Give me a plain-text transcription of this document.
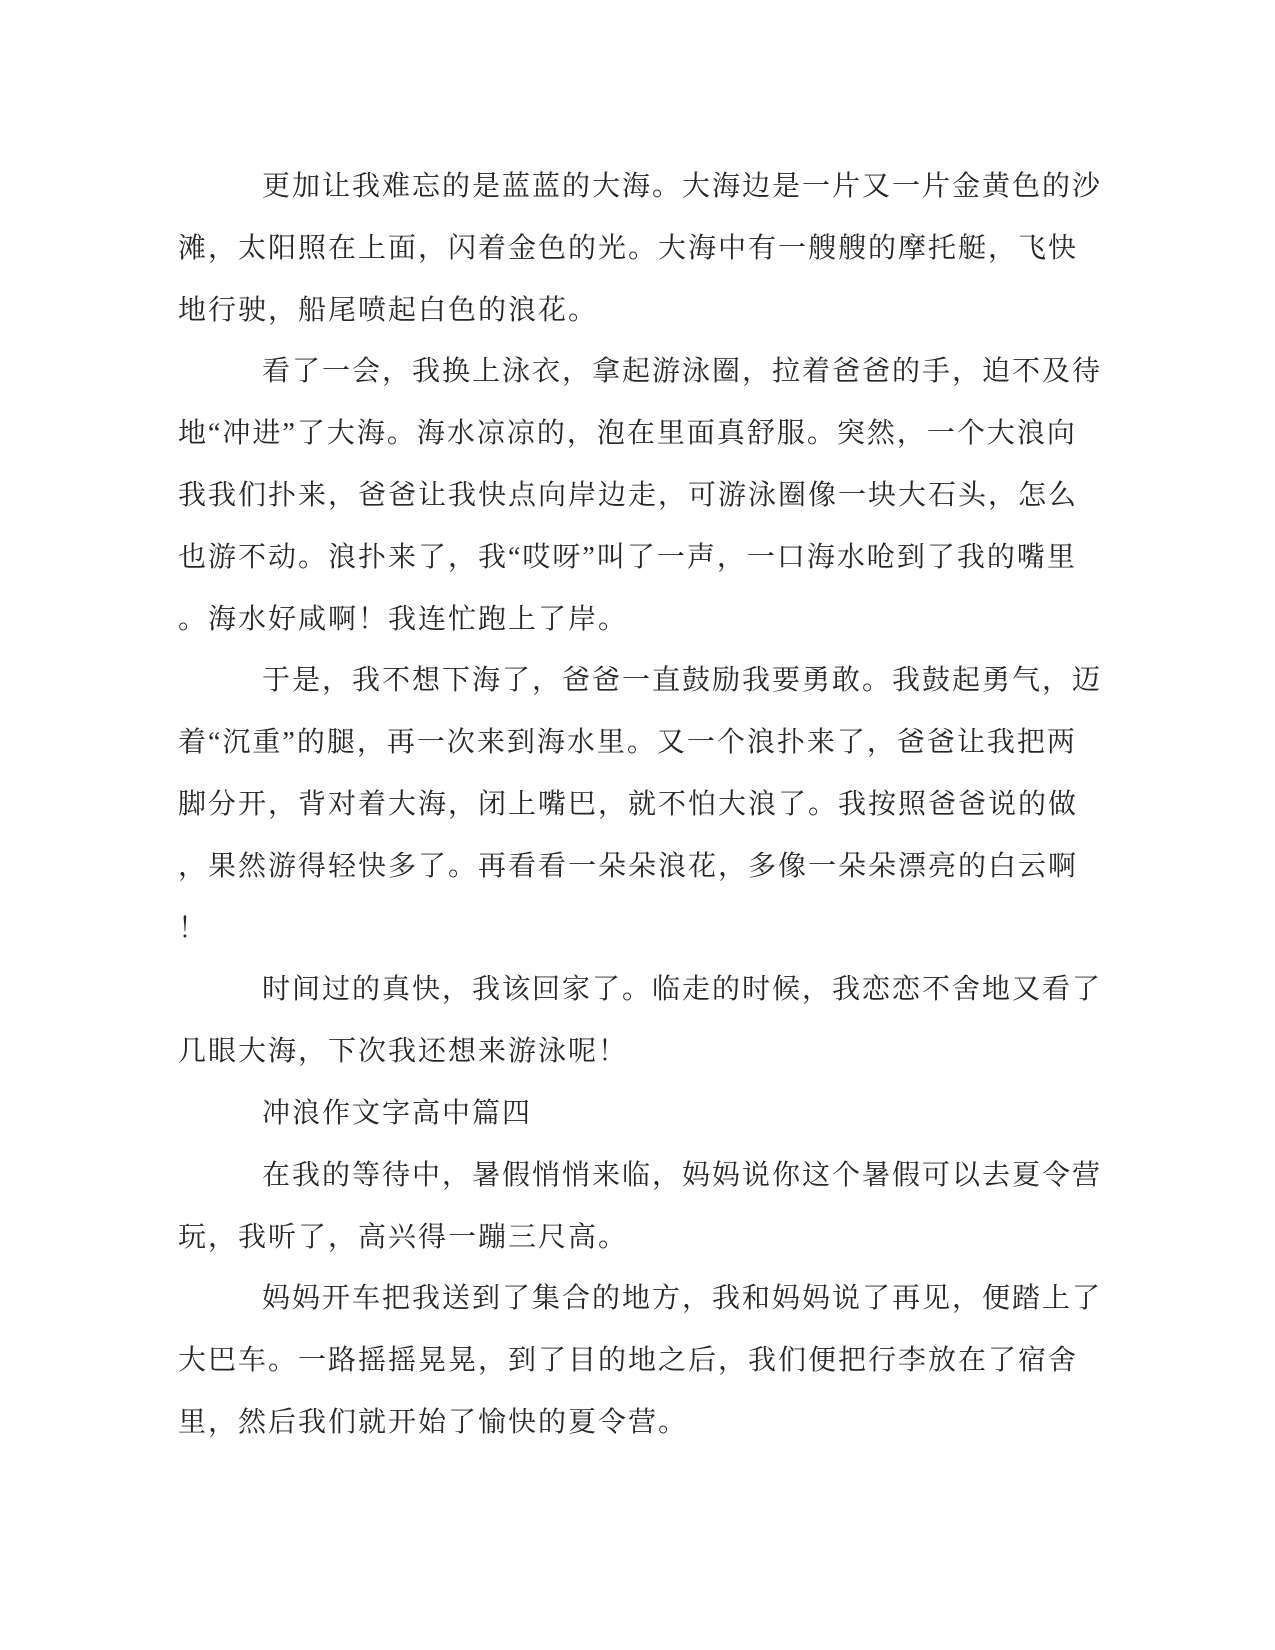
更加让我难忘的是蓝蓝的大海。大海边是一片又一片金黄色的沙
滩，太阳照在上面，闪着金色的光。大海中有一艘艘的摩托艇，飞快
地行驶，船尾喷起白色的浪花。
看了一会，我换上泳衣，拿起游泳圈，拉着爸爸的手，迫不及待
地“冲进”了大海。海水凉凉的，泡在里面真舒服。突然，一个大浪向
我我们扑来，爸爸让我快点向岸边走，可游泳圈像一块大石头，怎么
也游不动。浪扑来了，我“哎呀”叫了一声，一口海水呛到了我的嘴里
。海水好咸啊！我连忙跑上了岸。
于是，我不想下海了，爸爸一直鼓励我要勇敢。我鼓起勇气，迈
着“沉重”的腿，再一次来到海水里。又一个浪扑来了，爸爸让我把两
脚分开，背对着大海，闭上嘴巴，就不怕大浪了。我按照爸爸说的做
，果然游得轻快多了。再看看一朵朵浪花，多像一朵朵漂亮的白云啊
！
时间过的真快，我该回家了。临走的时候，我恋恋不舍地又看了
几眼大海，下次我还想来游泳呢！
冲浪作文字高中篇四
在我的等待中，暑假悄悄来临，妈妈说你这个暑假可以去夏令营
玩，我听了，高兴得一蹦三尺高。
妈妈开车把我送到了集合的地方，我和妈妈说了再见，便踏上了
大巴车。一路摇摇晃晃，到了目的地之后，我们便把行李放在了宿舍
里，然后我们就开始了愉快的夏令营。
